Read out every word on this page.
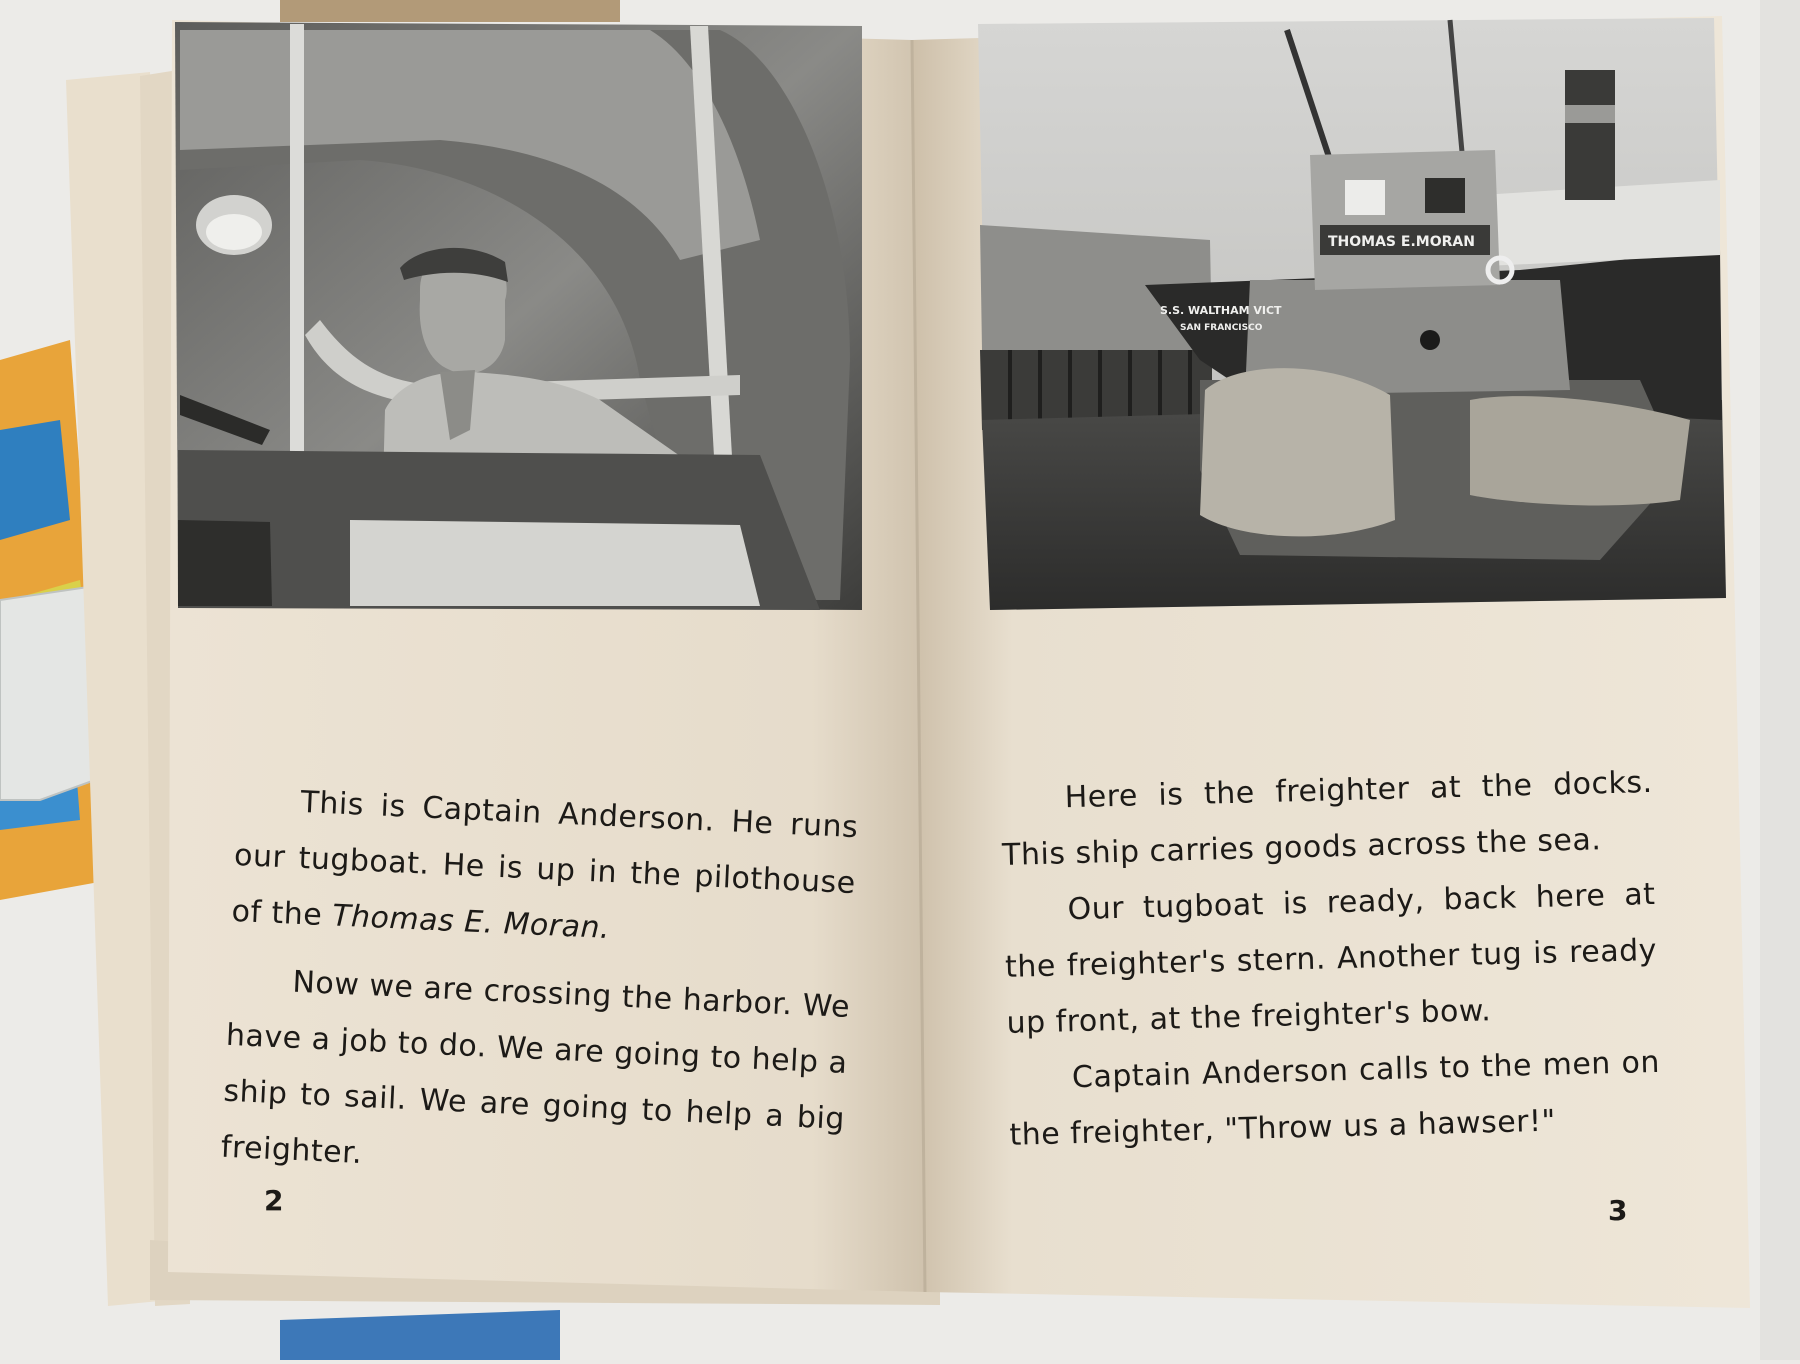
THOMAS E.MORAN
S.S. WALTHAM VICT
SAN FRANCISCO

This is Captain Anderson. He runs our tugboat. He is up in the pilothouse of the Thomas E. Moran.

Now we are crossing the harbor. We have a job to do. We are going to help a ship to sail. We are going to help a big freighter.

Here is the freighter at the docks. This ship carries goods across the sea.

Our tugboat is ready, back here at the freighter's stern. Another tug is ready up front, at the freighter's bow.

Captain Anderson calls to the men on the freighter, "Throw us a hawser!"

2	3
